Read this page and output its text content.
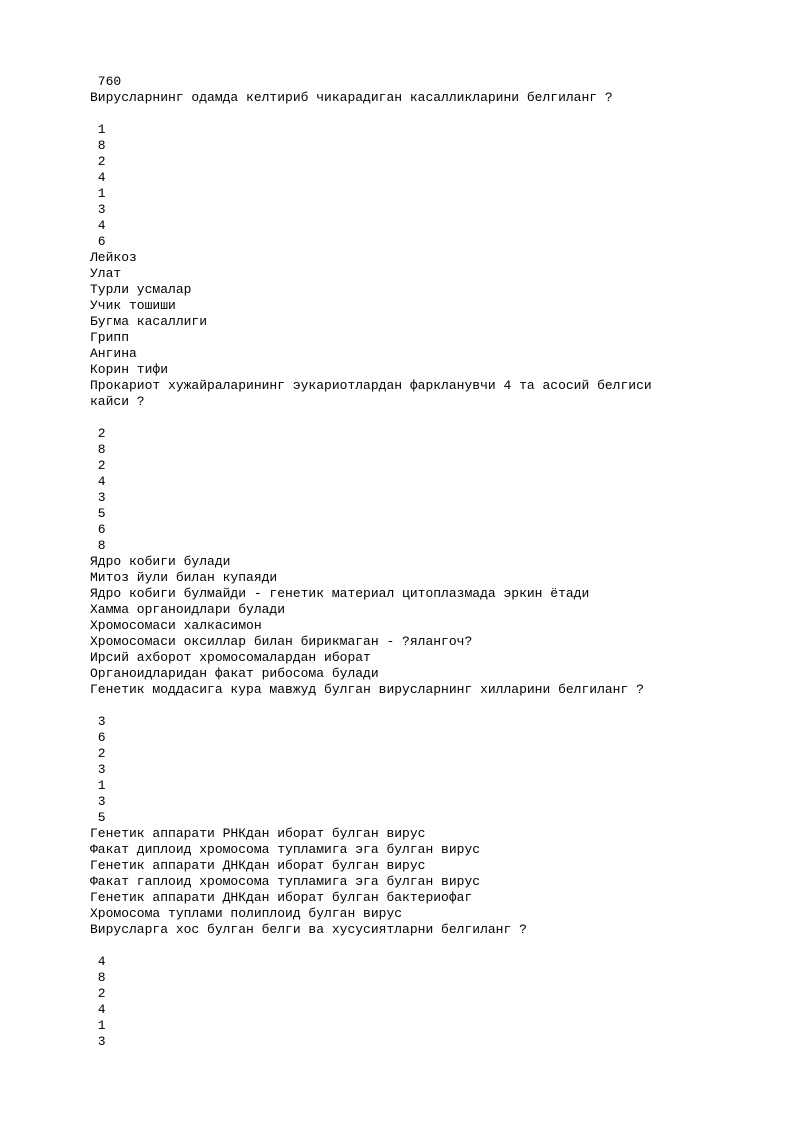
760
Вирусларнинг одамда келтириб чикарадиган касалликларини белгиланг ?
1
8
2
4
1
3
4
6
Лейкоз
Улат
Турли усмалар
Учик тошиши
Бугма касаллиги
Грипп
Ангина
Корин тифи
Прокариот хужайраларининг эукариотлардан фаркланувчи 4 та асосий белгиси
кайси ?
2
8
2
4
3
5
6
8
Ядро кобиги булади
Митоз йули билан купаяди
Ядро кобиги булмайди - генетик материал цитоплазмада эркин ётади
Хамма органоидлари булади
Хромосомаси халкасимон
Хромосомаси оксиллар билан бирикмаган - ?ялангоч?
Ирсий ахборот хромосомалардан иборат
Органоидларидан факат рибосома булади
Генетик моддасига кура мавжуд булган вирусларнинг хилларини белгиланг ?
3
6
2
3
1
3
5
Генетик аппарати РНКдан иборат булган вирус
Факат диплоид хромосома тупламига эга булган вирус
Генетик аппарати ДНКдан иборат булган вирус
Факат гаплоид хромосома тупламига эга булган вирус
Генетик аппарати ДНКдан иборат булган бактериофаг
Хромосома туплами полиплоид булган вирус
Вирусларга хос булган белги ва хусусиятларни белгиланг ?
4
8
2
4
1
3
